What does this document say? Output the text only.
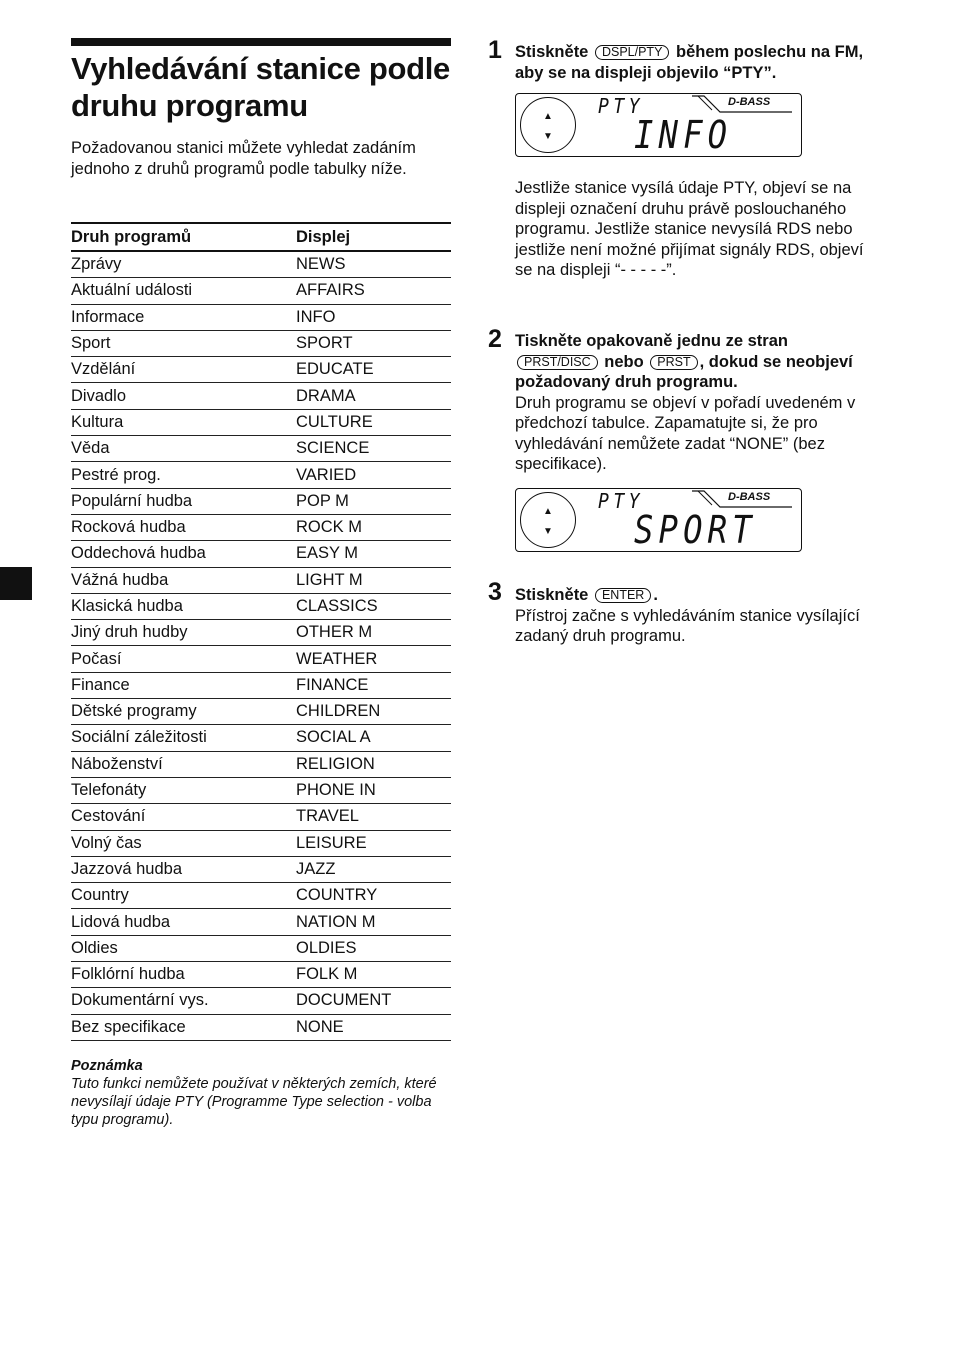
Vyhledávání stanice podle druhu programu
Požadovanou stanici můžete vyhledat zadáním jednoho z druhů programů podle tabulky níže.
Druh programů	Displej
Zprávy	NEWS
Aktuální události	AFFAIRS
Informace	INFO
Sport	SPORT
Vzdělání	EDUCATE
Divadlo	DRAMA
Kultura	CULTURE
Věda	SCIENCE
Pestré prog.	VARIED
Populární hudba	POP M
Rocková hudba	ROCK M
Oddechová hudba	EASY M
Vážná hudba	LIGHT M
Klasická hudba	CLASSICS
Jiný druh hudby	OTHER M
Počasí	WEATHER
Finance	FINANCE
Dětské programy	CHILDREN
Sociální záležitosti	SOCIAL A
Náboženství	RELIGION
Telefonáty	PHONE IN
Cestování	TRAVEL
Volný čas	LEISURE
Jazzová hudba	JAZZ
Country	COUNTRY
Lidová hudba	NATION M
Oldies	OLDIES
Folklórní hudba	FOLK M
Dokumentární vys.	DOCUMENT
Bez specifikace	NONE
Poznámka
Tuto funkci nemůžete používat v některých zemích, které nevysílají údaje PTY (Programme Type selection - volba typu programu).
1 Stiskněte DSPL/PTY během poslechu na FM, aby se na displeji objevilo “PTY”.
▲
▼
PTY	D-BASS
INFO
Jestliže stanice vysílá údaje PTY, objeví se na displeji označení druhu právě poslouchaného programu. Jestliže stanice nevysílá RDS nebo jestliže není možné přijímat signály RDS, objeví se na displeji “- - - - -”.
2 Tiskněte opakovaně jednu ze stran PRST/DISC nebo PRST , dokud se neobjeví požadovaný druh programu.
Druh programu se objeví v pořadí uvedeném v předchozí tabulce. Zapamatujte si, že pro vyhledávání nemůžete zadat “NONE” (bez specifikace).
▲
▼
PTY	D-BASS
SPORT
3 Stiskněte ENTER .
Přístroj začne s vyhledáváním stanice vysílající zadaný druh programu.
